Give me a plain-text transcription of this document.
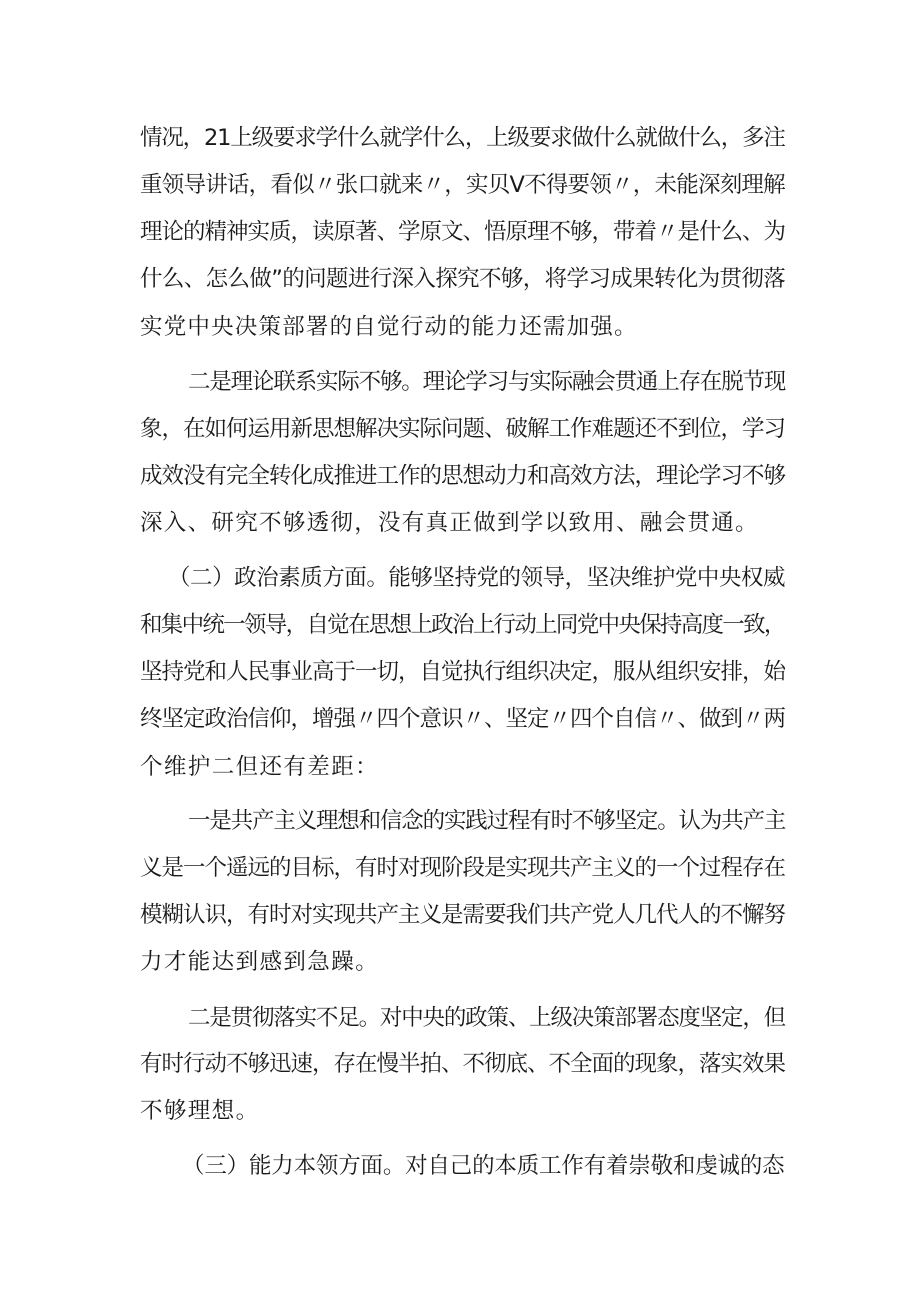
情况，21上级要求学什么就学什么，上级要求做什么就做什么，多注
重领导讲话，看似〃张口就来〃，实贝V不得要领〃，未能深刻理解
理论的精神实质，读原著、学原文、悟原理不够，带着〃是什么、为
什么、怎么做”的问题进行深入探究不够，将学习成果转化为贯彻落
实党中央决策部署的自觉行动的能力还需加强。
二是理论联系实际不够。理论学习与实际融会贯通上存在脱节现
象，在如何运用新思想解决实际问题、破解工作难题还不到位，学习
成效没有完全转化成推进工作的思想动力和高效方法，理论学习不够
深入、研究不够透彻，没有真正做到学以致用、融会贯通。
（二）政治素质方面。能够坚持党的领导，坚决维护党中央权威
和集中统一领导，自觉在思想上政治上行动上同党中央保持高度一致，
坚持党和人民事业高于一切，自觉执行组织决定，服从组织安排，始
终坚定政治信仰，增强〃四个意识〃、坚定〃四个自信〃、做到〃两
个维护二但还有差距：
一是共产主义理想和信念的实践过程有时不够坚定。认为共产主
义是一个遥远的目标，有时对现阶段是实现共产主义的一个过程存在
模糊认识，有时对实现共产主义是需要我们共产党人几代人的不懈努
力才能达到感到急躁。
二是贯彻落实不足。对中央的政策、上级决策部署态度坚定，但
有时行动不够迅速，存在慢半拍、不彻底、不全面的现象，落实效果
不够理想。
（三）能力本领方面。对自己的本质工作有着崇敬和虔诚的态
